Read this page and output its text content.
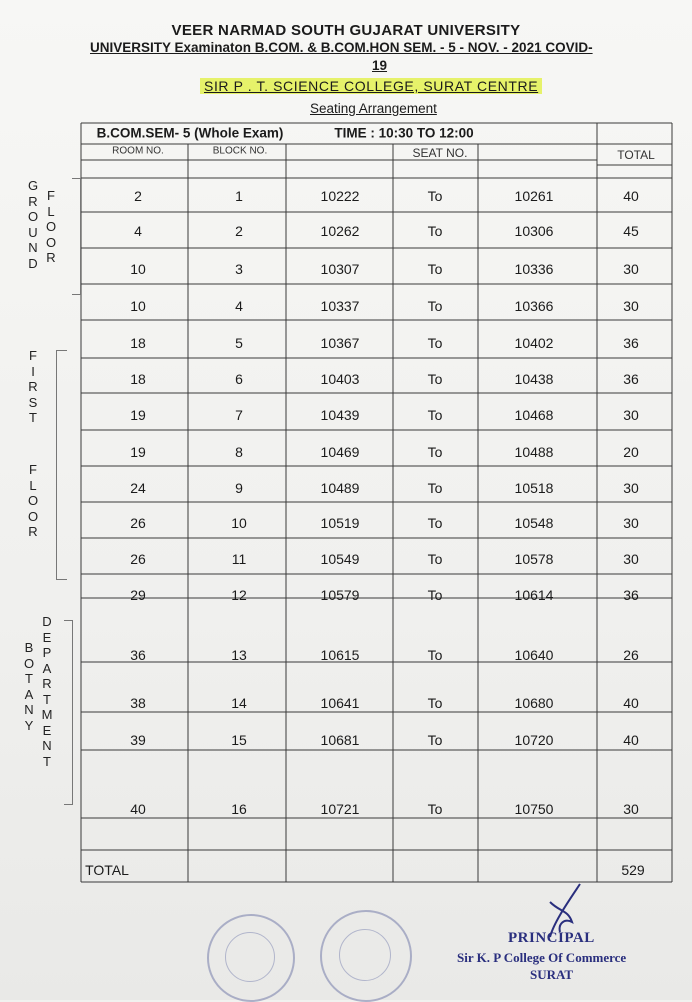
VEER NARMAD SOUTH GUJARAT UNIVERSITY
UNIVERSITY Examinaton B.COM. & B.COM.HON SEM. - 5 - NOV. - 2021 COVID-
19
SIR P . T. SCIENCE COLLEGE, SURAT CENTRE
Seating Arrangement
B.COM.SEM- 5 (Whole Exam)	TIME : 10:30 TO 12:00
ROOM NO.	BLOCK NO.	SEAT NO.	TOTAL
2	1	10222	To	10261	40
4	2	10262	To	10306	45
10	3	10307	To	10336	30
10	4	10337	To	10366	30
18	5	10367	To	10402	36
18	6	10403	To	10438	36
19	7	10439	To	10468	30
19	8	10469	To	10488	20
24	9	10489	To	10518	30
26	10	10519	To	10548	30
26	11	10549	To	10578	30
29	12	10579	To	10614	36
36	13	10615	To	10640	26
38	14	10641	To	10680	40
39	15	10681	To	10720	40
40	16	10721	To	10750	30
TOTAL	529
G
R
O
U
N
D
F
L
O
O
R
F
I
R
S
T
F
L
O
O
R
B
O
T
A
N
Y
D
E
P
A
R
T
M
E
N
T
PRINCIPAL
Sir K. P College Of Commerce
SURAT
